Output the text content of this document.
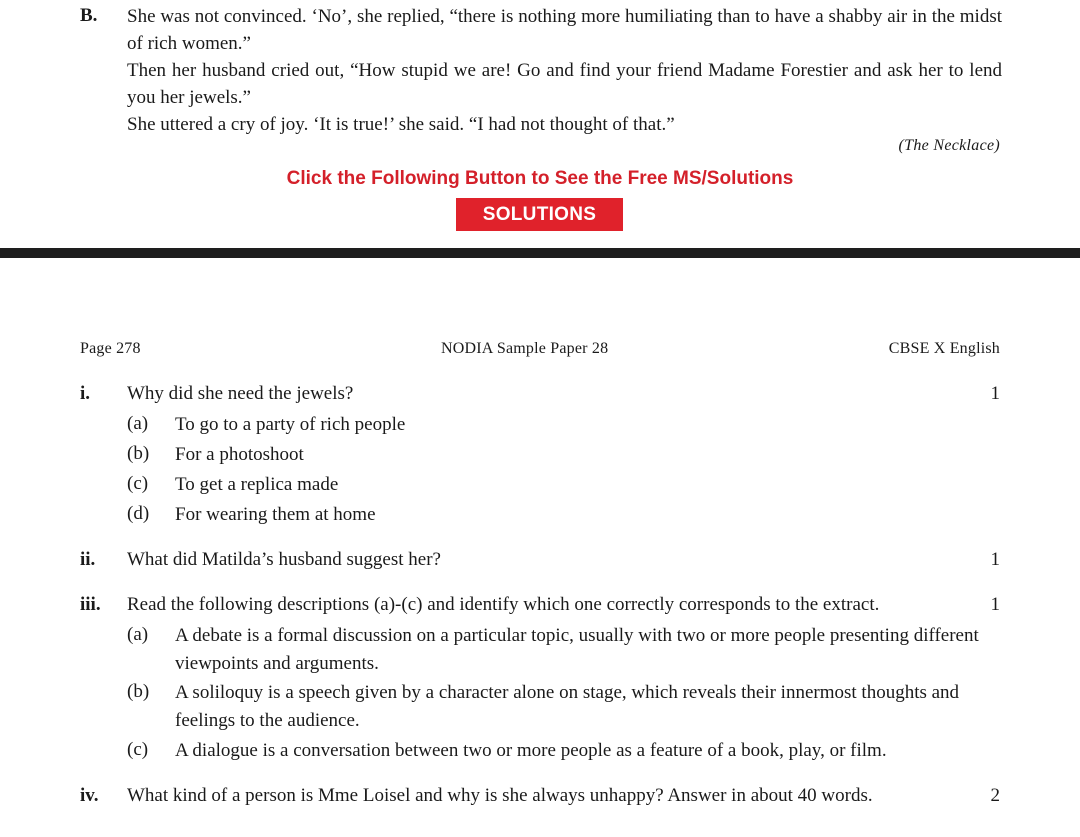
B. She was not convinced. ‘No’, she replied, “there is nothing more humiliating than to have a shabby air in the midst of rich women.”
Then her husband cried out, “How stupid we are! Go and find your friend Madame Forestier and ask her to lend you her jewels.”
She uttered a cry of joy. ‘It is true!’ she said. “I had not thought of that.”
(The Necklace)
Click the Following Button to See the Free MS/Solutions
SOLUTIONS
Page 278	NODIA Sample Paper 28	CBSE X English
i. Why did she need the jewels?	1
(a) To go to a party of rich people
(b) For a photoshoot
(c) To get a replica made
(d) For wearing them at home
ii. What did Matilda’s husband suggest her?	1
iii. Read the following descriptions (a)-(c) and identify which one correctly corresponds to the extract.	1
(a) A debate is a formal discussion on a particular topic, usually with two or more people presenting different viewpoints and arguments.
(b) A soliloquy is a speech given by a character alone on stage, which reveals their innermost thoughts and feelings to the audience.
(c) A dialogue is a conversation between two or more people as a feature of a book, play, or film.
iv. What kind of a person is Mme Loisel and why is she always unhappy? Answer in about 40 words.	2
